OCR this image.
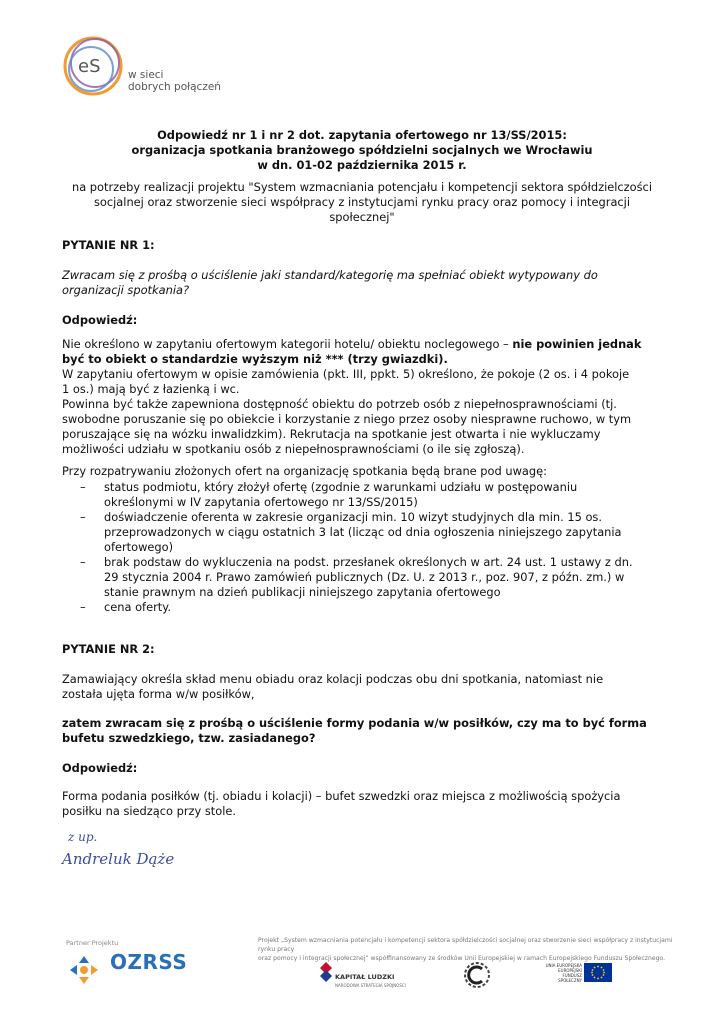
eS	w sieci
dobrych połączeń
Odpowiedź nr 1 i nr 2 dot. zapytania ofertowego nr 13/SS/2015:
organizacja spotkania branżowego spółdzielni socjalnych we Wrocławiu
w dn. 01-02 października 2015 r.
na potrzeby realizacji projektu "System wzmacniania potencjału i kompetencji sektora spółdzielczości
socjalnej oraz stworzenie sieci współpracy z instytucjami rynku pracy oraz pomocy i integracji
społecznej"
PYTANIE NR 1:
Zwracam się z prośbą o uściślenie jaki standard/kategorię ma spełniać obiekt wytypowany do
organizacji spotkania?
Odpowiedź:
Nie określono w zapytaniu ofertowym kategorii hotelu/ obiektu noclegowego – nie powinien jednak
być to obiekt o standardzie wyższym niż *** (trzy gwiazdki).
W zapytaniu ofertowym w opisie zamówienia (pkt. III, ppkt. 5) określono, że pokoje (2 os. i 4 pokoje
1 os.) mają być z łazienką i wc.
Powinna być także zapewniona dostępność obiektu do potrzeb osób z niepełnosprawnościami (tj.
swobodne poruszanie się po obiekcie i korzystanie z niego przez osoby niesprawne ruchowo, w tym
poruszające się na wózku inwalidzkim). Rekrutacja na spotkanie jest otwarta i nie wykluczamy
możliwości udziału w spotkaniu osób z niepełnosprawnościami (o ile się zgłoszą).
Przy rozpatrywaniu złożonych ofert na organizację spotkania będą brane pod uwagę:
– status podmiotu, który złożył ofertę (zgodnie z warunkami udziału w postępowaniu
określonymi w IV zapytania ofertowego nr 13/SS/2015)
– doświadczenie oferenta w zakresie organizacji min. 10 wizyt studyjnych dla min. 15 os.
przeprowadzonych w ciągu ostatnich 3 lat (licząc od dnia ogłoszenia niniejszego zapytania
ofertowego)
– brak podstaw do wykluczenia na podst. przesłanek określonych w art. 24 ust. 1 ustawy z dn.
29 stycznia 2004 r. Prawo zamówień publicznych (Dz. U. z 2013 r., poz. 907, z późn. zm.) w
stanie prawnym na dzień publikacji niniejszego zapytania ofertowego
– cena oferty.
PYTANIE NR 2:
Zamawiający określa skład menu obiadu oraz kolacji podczas obu dni spotkania, natomiast nie
została ujęta forma w/w posiłków,
zatem zwracam się z prośbą o uściślenie formy podania w/w posiłków, czy ma to być forma
bufetu szwedzkiego, tzw. zasiadanego?
Odpowiedź:
Forma podania posiłków (tj. obiadu i kolacji) – bufet szwedzki oraz miejsca z możliwością spożycia
posiłku na siedząco przy stole.
z up.
Andreluk Dąże
Partner Projektu	Projekt „System wzmacniania potencjału i kompetencji sektora spółdzielczości socjalnej oraz stworzenie sieci współpracy z instytucjami rynku pracy
oraz pomocy i integracji społecznej” współfinansowany ze środków Unii Europejskiej w ramach Europejskiego Funduszu Społecznego.
OZRSS
KAPITAŁ LUDZKI
NARODOWA STRATEGIA SPÓJNOŚCI
UNIA EUROPEJSKA
EUROPEJSKI
FUNDUSZ SPOŁECZNY
